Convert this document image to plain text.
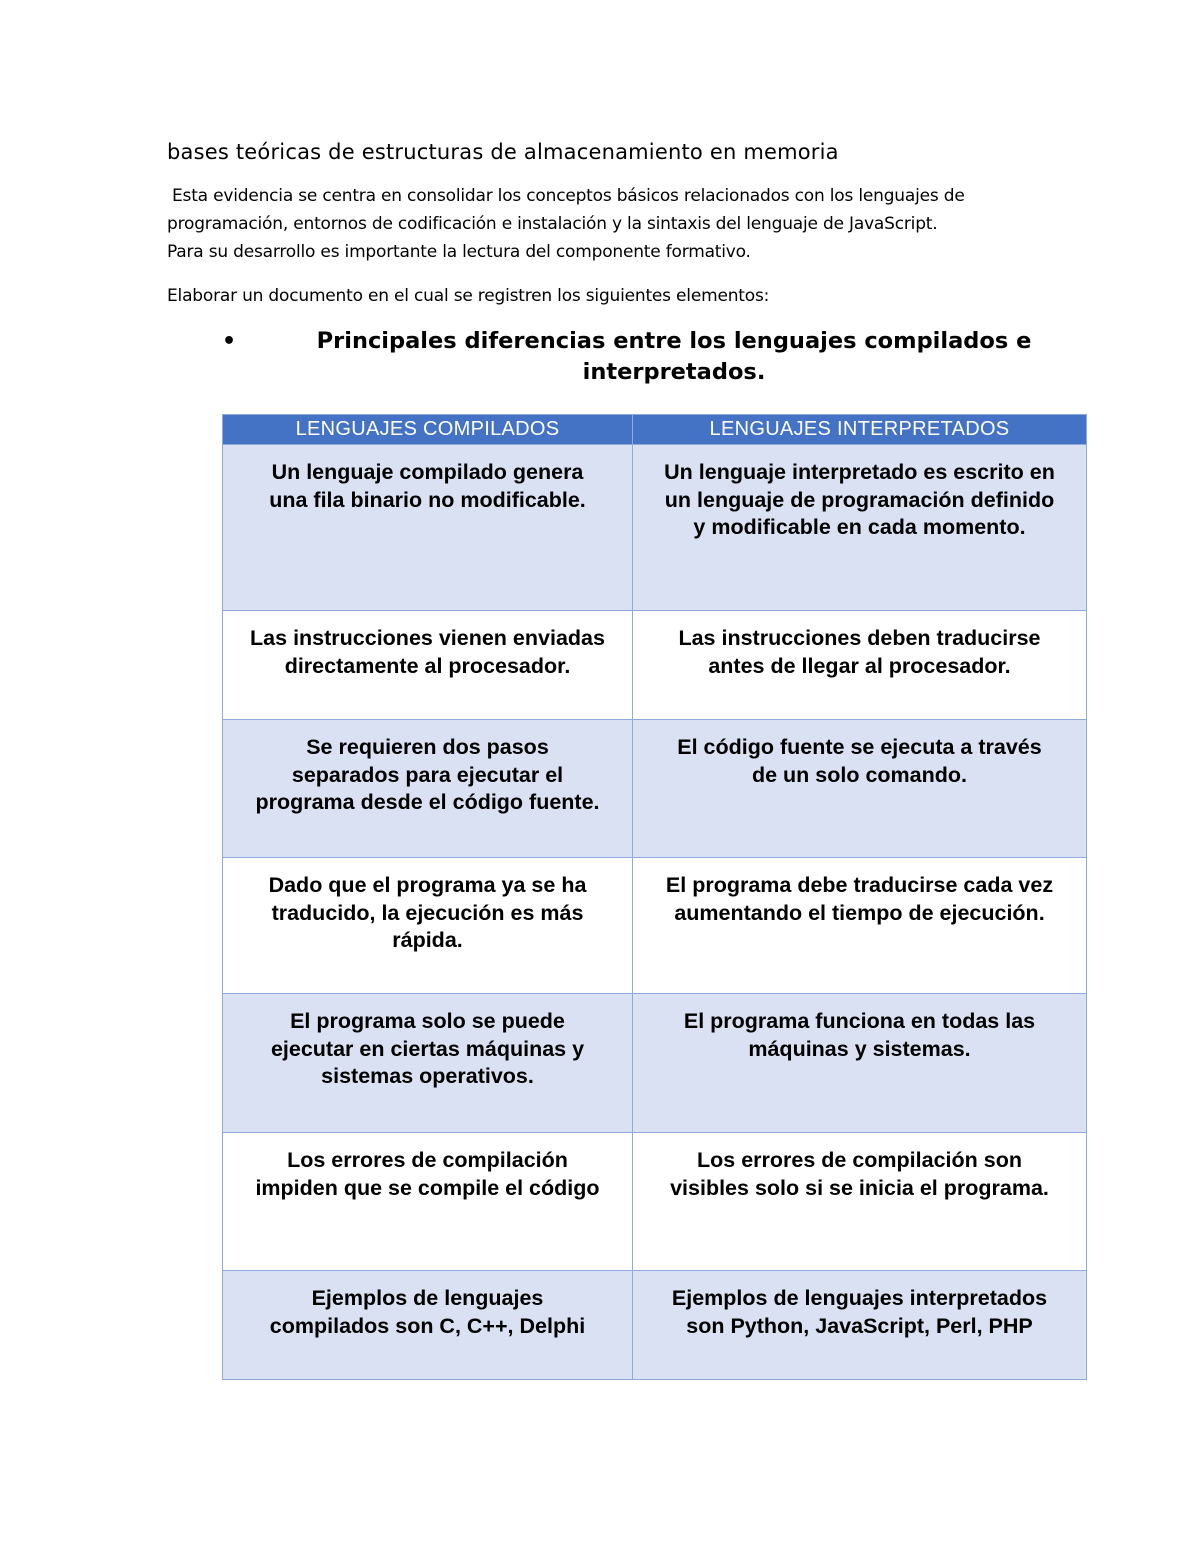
bases teóricas de estructuras de almacenamiento en memoria
Esta evidencia se centra en consolidar los conceptos básicos relacionados con los lenguajes de
programación, entornos de codificación e instalación y la sintaxis del lenguaje de JavaScript.
Para su desarrollo es importante la lectura del componente formativo.
Elaborar un documento en el cual se registren los siguientes elementos:
•	Principales diferencias entre los lenguajes compilados e
interpretados.
LENGUAJES COMPILADOS	LENGUAJES INTERPRETADOS

Un lenguaje compilado genera
una fila binario no modificable.	Un lenguaje interpretado es escrito en
un lenguaje de programación definido
y modificable en cada momento.

Las instrucciones vienen enviadas
directamente al procesador.	Las instrucciones deben traducirse
antes de llegar al procesador.

Se requieren dos pasos
separados para ejecutar el
programa desde el código fuente.	El código fuente se ejecuta a través
de un solo comando.

Dado que el programa ya se ha
traducido, la ejecución es más
rápida.	El programa debe traducirse cada vez
aumentando el tiempo de ejecución.

El programa solo se puede
ejecutar en ciertas máquinas y
sistemas operativos.	El programa funciona en todas las
máquinas y sistemas.

Los errores de compilación
impiden que se compile el código	Los errores de compilación son
visibles solo si se inicia el programa.

Ejemplos de lenguajes
compilados son C, C++, Delphi	Ejemplos de lenguajes interpretados
son Python, JavaScript, Perl, PHP
